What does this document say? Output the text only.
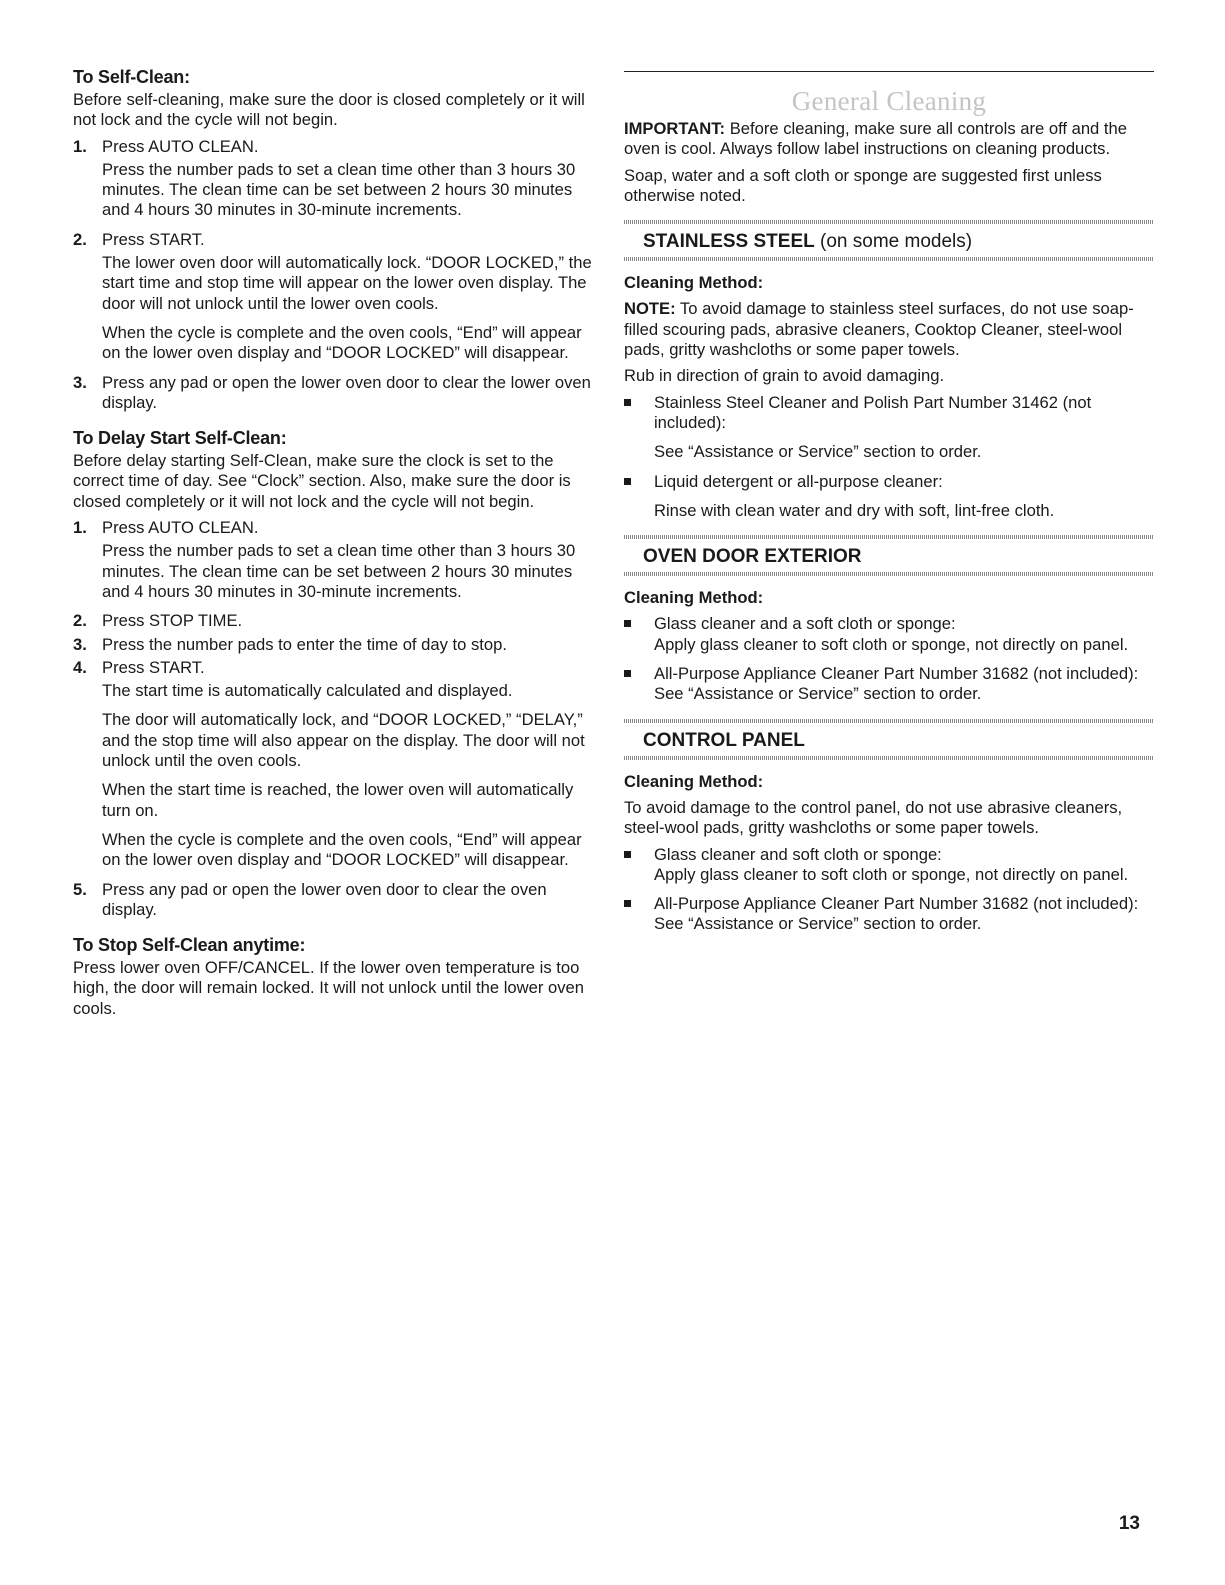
To Self-Clean:

Before self-cleaning, make sure the door is closed completely or it will not lock and the cycle will not begin.

1. Press AUTO CLEAN.

Press the number pads to set a clean time other than 3 hours 30 minutes. The clean time can be set between 2 hours 30 minutes and 4 hours 30 minutes in 30-minute increments.

2. Press START.

The lower oven door will automatically lock. “DOOR LOCKED,” the start time and stop time will appear on the lower oven display. The door will not unlock until the lower oven cools.

When the cycle is complete and the oven cools, “End” will appear on the lower oven display and “DOOR LOCKED” will disappear.

3. Press any pad or open the lower oven door to clear the lower oven display.

To Delay Start Self-Clean:

Before delay starting Self-Clean, make sure the clock is set to the correct time of day. See “Clock” section. Also, make sure the door is closed completely or it will not lock and the cycle will not begin.

1. Press AUTO CLEAN.

Press the number pads to set a clean time other than 3 hours 30 minutes. The clean time can be set between 2 hours 30 minutes and 4 hours 30 minutes in 30-minute increments.

2. Press STOP TIME.

3. Press the number pads to enter the time of day to stop.

4. Press START.

The start time is automatically calculated and displayed.

The door will automatically lock, and “DOOR LOCKED,” “DELAY,” and the stop time will also appear on the display. The door will not unlock until the oven cools.

When the start time is reached, the lower oven will automatically turn on.

When the cycle is complete and the oven cools, “End” will appear on the lower oven display and “DOOR LOCKED” will disappear.

5. Press any pad or open the lower oven door to clear the oven display.

To Stop Self-Clean anytime:

Press lower oven OFF/CANCEL. If the lower oven temperature is too high, the door will remain locked. It will not unlock until the lower oven cools.

General Cleaning

IMPORTANT: Before cleaning, make sure all controls are off and the oven is cool. Always follow label instructions on cleaning products.

Soap, water and a soft cloth or sponge are suggested first unless otherwise noted.

STAINLESS STEEL (on some models)

Cleaning Method:

NOTE: To avoid damage to stainless steel surfaces, do not use soap-filled scouring pads, abrasive cleaners, Cooktop Cleaner, steel-wool pads, gritty washcloths or some paper towels.

Rub in direction of grain to avoid damaging.

Stainless Steel Cleaner and Polish Part Number 31462 (not included):

See “Assistance or Service” section to order.

Liquid detergent or all-purpose cleaner:

Rinse with clean water and dry with soft, lint-free cloth.

OVEN DOOR EXTERIOR

Cleaning Method:

Glass cleaner and a soft cloth or sponge:

Apply glass cleaner to soft cloth or sponge, not directly on panel.

All-Purpose Appliance Cleaner Part Number 31682 (not included):

See “Assistance or Service” section to order.

CONTROL PANEL

Cleaning Method:

To avoid damage to the control panel, do not use abrasive cleaners, steel-wool pads, gritty washcloths or some paper towels.

Glass cleaner and soft cloth or sponge:

Apply glass cleaner to soft cloth or sponge, not directly on panel.

All-Purpose Appliance Cleaner Part Number 31682 (not included):

See “Assistance or Service” section to order.

13
